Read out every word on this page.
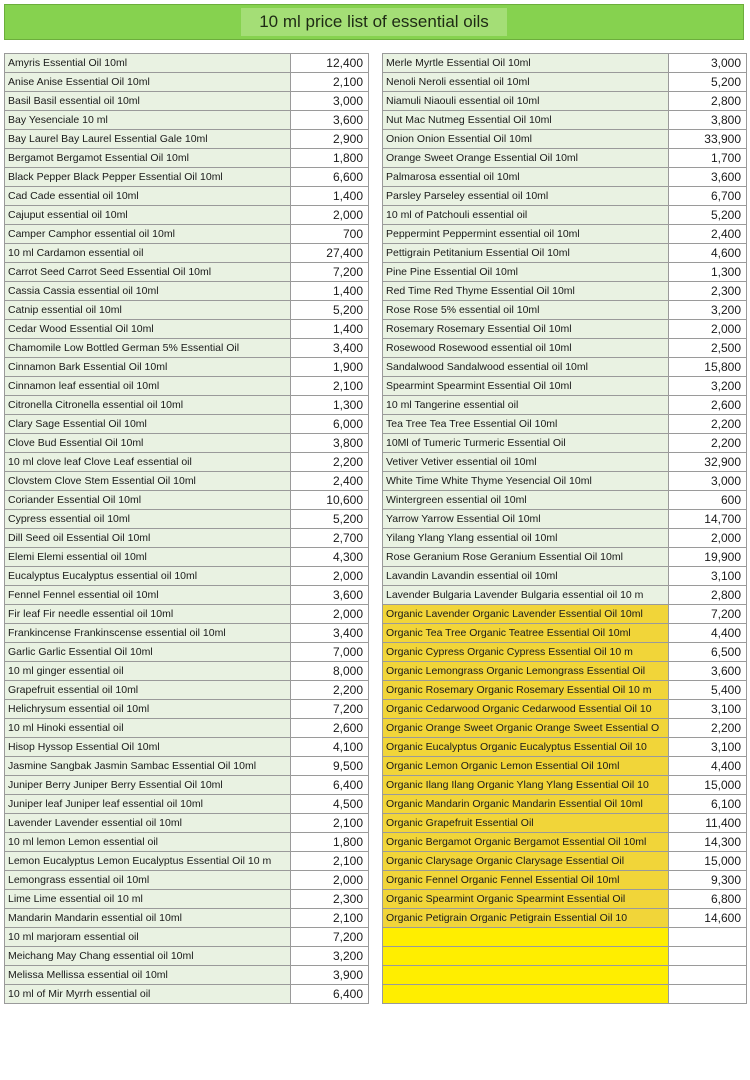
10 ml price list of essential oils
Amyris Essential Oil 10ml	12,400
Anise Anise Essential Oil 10ml	2,100
Basil Basil essential oil 10ml	3,000
Bay Yesenciale 10 ml	3,600
Bay Laurel Bay Laurel Essential Gale 10ml	2,900
Bergamot Bergamot Essential Oil 10ml	1,800
Black Pepper Black Pepper Essential Oil 10ml	6,600
Cad Cade essential oil 10ml	1,400
Cajuput essential oil 10ml	2,000
Camper Camphor essential oil 10ml	700
10 ml Cardamon essential oil	27,400
Carrot Seed Carrot Seed Essential Oil 10ml	7,200
Cassia Cassia essential oil 10ml	1,400
Catnip essential oil 10ml	5,200
Cedar Wood Essential Oil 10ml	1,400
Chamomile Low Bottled German 5% Essential Oil	3,400
Cinnamon Bark Essential Oil 10ml	1,900
Cinnamon leaf essential oil 10ml	2,100
Citronella Citronella essential oil 10ml	1,300
Clary Sage Essential Oil 10ml	6,000
Clove Bud Essential Oil 10ml	3,800
10 ml clove leaf Clove Leaf essential oil	2,200
Clovstem Clove Stem Essential Oil 10ml	2,400
Coriander Essential Oil 10ml	10,600
Cypress essential oil 10ml	5,200
Dill Seed oil Essential Oil 10ml	2,700
Elemi Elemi essential oil 10ml	4,300
Eucalyptus Eucalyptus essential oil 10ml	2,000
Fennel Fennel essential oil 10ml	3,600
Fir leaf Fir needle essential oil 10ml	2,000
Frankincense Frankinscense essential oil 10ml	3,400
Garlic Garlic Essential Oil 10ml	7,000
10 ml ginger essential oil	8,000
Grapefruit essential oil 10ml	2,200
Helichrysum essential oil 10ml	7,200
10 ml Hinoki essential oil	2,600
Hisop Hyssop Essential Oil 10ml	4,100
Jasmine Sangbak Jasmin Sambac Essential Oil 10ml	9,500
Juniper Berry Juniper Berry Essential Oil 10ml	6,400
Juniper leaf Juniper leaf essential oil 10ml	4,500
Lavender Lavender essential oil 10ml	2,100
10 ml lemon Lemon essential oil	1,800
Lemon Eucalyptus Lemon Eucalyptus Essential Oil 10 m	2,100
Lemongrass essential oil 10ml	2,000
Lime Lime essential oil 10 ml	2,300
Mandarin Mandarin essential oil 10ml	2,100
10 ml marjoram essential oil	7,200
Meichang May Chang essential oil 10ml	3,200
Melissa Mellissa essential oil 10ml	3,900
10 ml of Mir Myrrh essential oil	6,400
Merle Myrtle Essential Oil 10ml	3,000
Nenoli Neroli essential oil 10ml	5,200
Niamuli Niaouli essential oil 10ml	2,800
Nut Mac Nutmeg Essential Oil 10ml	3,800
Onion Onion Essential Oil 10ml	33,900
Orange Sweet Orange Essential Oil 10ml	1,700
Palmarosa essential oil 10ml	3,600
Parsley Parseley essential oil 10ml	6,700
10 ml of Patchouli essential oil	5,200
Peppermint Peppermint essential oil 10ml	2,400
Pettigrain Petitanium Essential Oil 10ml	4,600
Pine Pine Essential Oil 10ml	1,300
Red Time Red Thyme Essential Oil 10ml	2,300
Rose Rose 5% essential oil 10ml	3,200
Rosemary Rosemary Essential Oil 10ml	2,000
Rosewood Rosewood essential oil 10ml	2,500
Sandalwood Sandalwood essential oil 10ml	15,800
Spearmint Spearmint Essential Oil 10ml	3,200
10 ml Tangerine essential oil	2,600
Tea Tree Tea Tree Essential Oil 10ml	2,200
10Ml of Tumeric Turmeric Essential Oil	2,200
Vetiver Vetiver essential oil 10ml	32,900
White Time White Thyme Yesencial Oil 10ml	3,000
Wintergreen essential oil 10ml	600
Yarrow Yarrow Essential Oil 10ml	14,700
Yilang Ylang Ylang essential oil 10ml	2,000
Rose Geranium Rose Geranium Essential Oil 10ml	19,900
Lavandin Lavandin essential oil 10ml	3,100
Lavender Bulgaria Lavender Bulgaria essential oil 10 m	2,800
Organic Lavender Organic Lavender Essential Oil 10ml	7,200
Organic Tea Tree Organic Teatree Essential Oil 10ml	4,400
Organic Cypress Organic Cypress Essential Oil 10 m	6,500
Organic Lemongrass Organic Lemongrass Essential Oil	3,600
Organic Rosemary Organic Rosemary Essential Oil 10 m	5,400
Organic Cedarwood Organic Cedarwood Essential Oil 10	3,100
Organic Orange Sweet Organic Orange Sweet Essential O	2,200
Organic Eucalyptus Organic Eucalyptus Essential Oil 10	3,100
Organic Lemon Organic Lemon Essential Oil 10ml	4,400
Organic Ilang Ilang Organic Ylang Ylang Essential Oil 10	15,000
Organic Mandarin Organic Mandarin Essential Oil 10ml	6,100
Organic Grapefruit Essential Oil	11,400
Organic Bergamot Organic Bergamot Essential Oil 10ml	14,300
Organic Clarysage Organic Clarysage Essential Oil	15,000
Organic Fennel Organic Fennel Essential Oil 10ml	9,300
Organic Spearmint Organic Spearmint Essential Oil	6,800
Organic Petigrain Organic Petigrain Essential Oil 10	14,600
